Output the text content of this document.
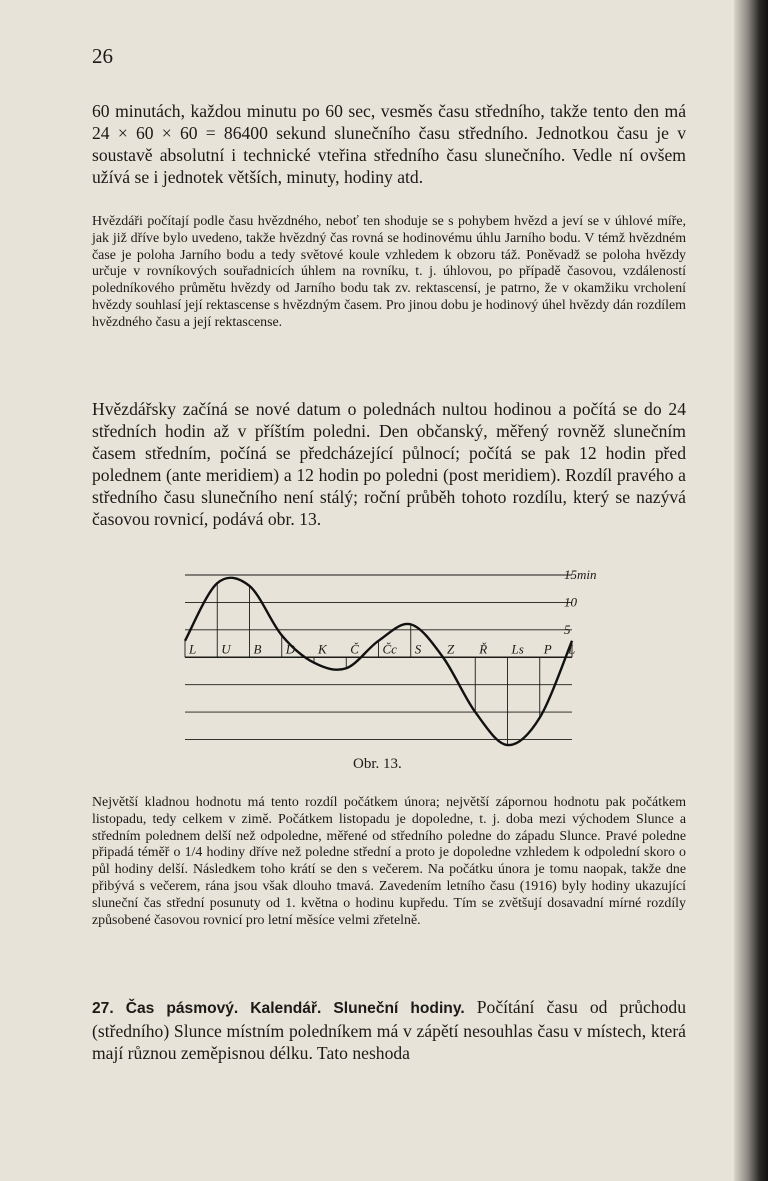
26

60 minutách, každou minutu po 60 sec, vesměs času středního, takže tento den má 24 × 60 × 60 = 86400 sekund slunečního času středního. Jednotkou času je v soustavě absolutní i technické vteřina středního času slunečního. Vedle ní ovšem užívá se i jednotek větších, minuty, hodiny atd.

Hvězdáři počítají podle času hvězdného, neboť ten shoduje se s pohybem hvězd a jeví se v úhlové míře, jak již dříve bylo uvedeno, takže hvězdný čas rovná se hodinovému úhlu Jarního bodu. V témž hvězdném čase je poloha Jarního bodu a tedy světové koule vzhledem k obzoru táž. Poněvadž se poloha hvězdy určuje v rovníkových souřadnicích úhlem na rovníku, t. j. úhlovou, po případě časovou, vzdáleností poledníkového průmětu hvězdy od Jarního bodu tak zv. rektascensí, je patrno, že v okamžiku vrcholení hvězdy souhlasí její rektascense s hvězdným časem. Pro jinou dobu je hodinový úhel hvězdy dán rozdílem hvězdného času a její rektascense.

Hvězdářsky začíná se nové datum o polednách nultou hodinou a počítá se do 24 středních hodin až v příštím poledni. Den občanský, měřený rovněž slunečním časem středním, počíná se předcházející půlnocí; počítá se pak 12 hodin před polednem (ante meridiem) a 12 hodin po poledni (post meridiem). Rozdíl pravého a středního času slunečního není stálý; roční průběh tohoto rozdílu, který se nazývá časovou rovnicí, podává obr. 13.

L U B D K Č Čc S Z Ř Ls P L
15min
10
5
Obr. 13.

Největší kladnou hodnotu má tento rozdíl počátkem února; největší zápornou hodnotu pak počátkem listopadu, tedy celkem v zimě. Počátkem listopadu je dopoledne, t. j. doba mezi východem Slunce a středním polednem delší než odpoledne, měřené od středního poledne do západu Slunce. Pravé poledne připadá téměř o 1/4 hodiny dříve než poledne střední a proto je dopoledne vzhledem k odpolední skoro o půl hodiny delší. Následkem toho krátí se den s večerem. Na počátku února je tomu naopak, takže dne přibývá s večerem, rána jsou však dlouho tmavá. Zavedením letního času (1916) byly hodiny ukazující sluneční čas střední posunuty od 1. května o hodinu kupředu. Tím se zvětšují dosavadní mírné rozdíly způsobené časovou rovnicí pro letní měsíce velmi zřetelně.

27. Čas pásmový. Kalendář. Sluneční hodiny. Počítání času od průchodu (středního) Slunce místním poledníkem má v zápětí nesouhlas času v místech, která mají různou zeměpisnou délku. Tato neshoda
